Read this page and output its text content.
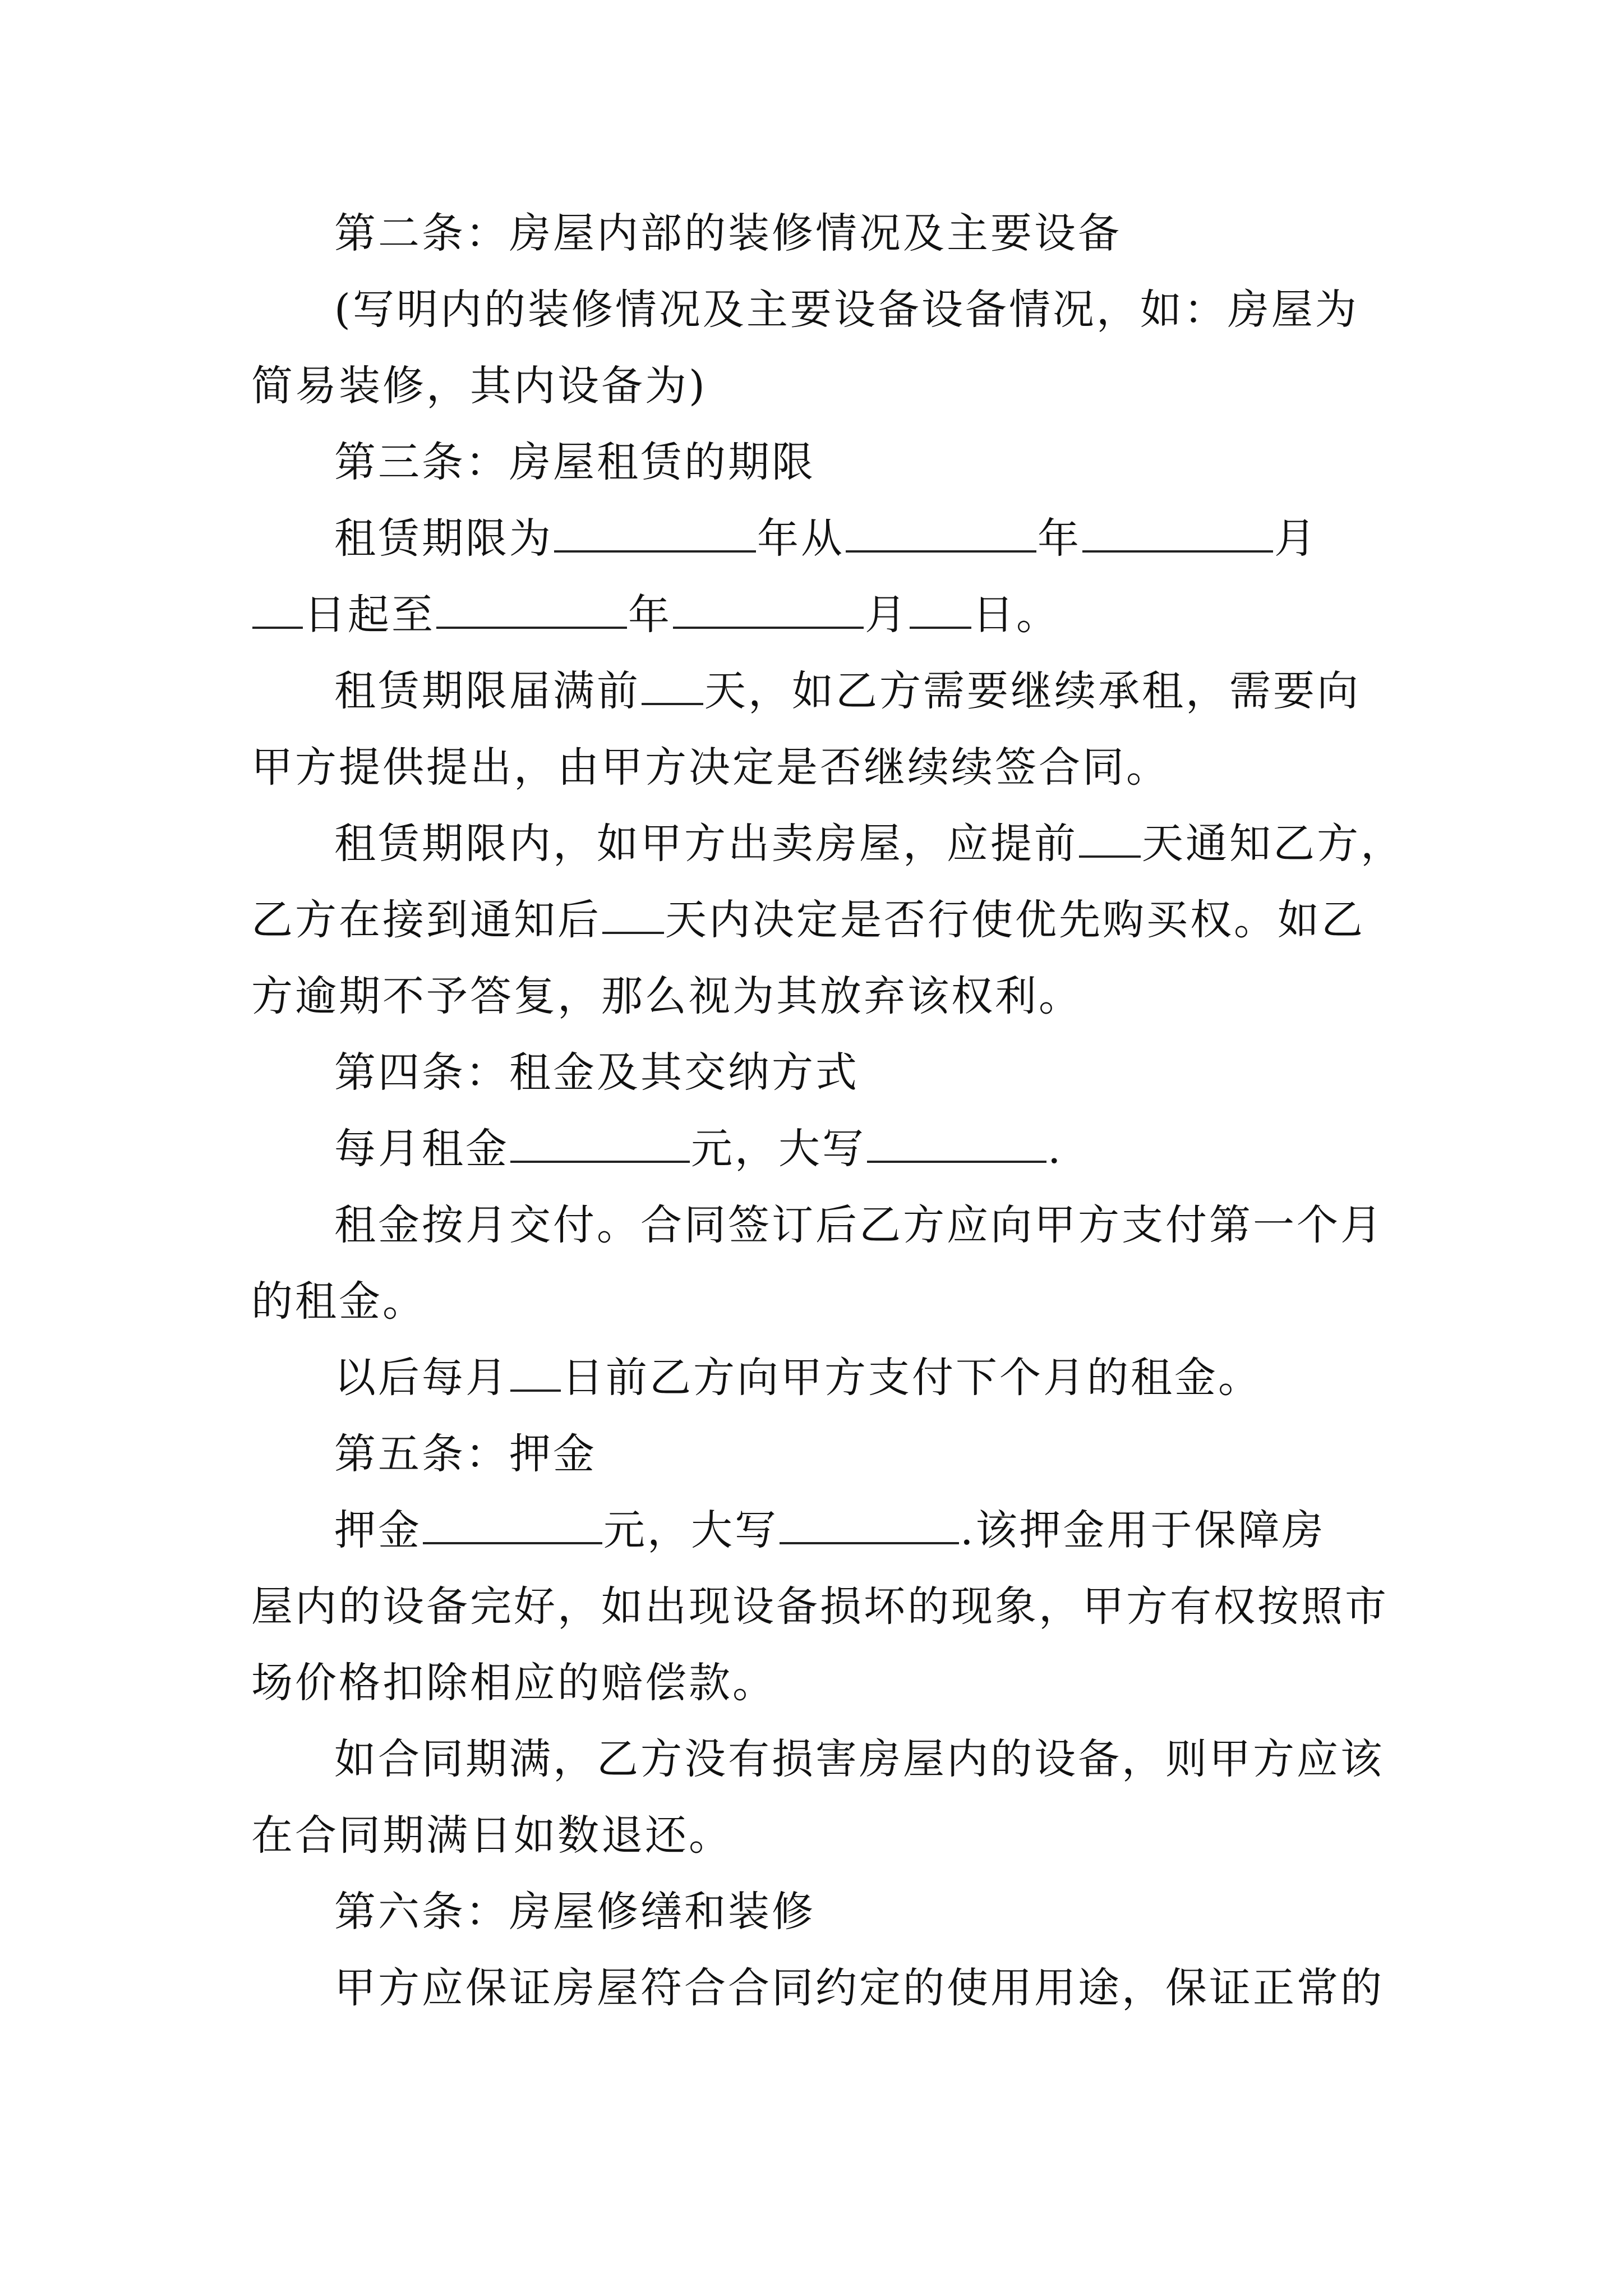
第二条：房屋内部的装修情况及主要设备
(写明内的装修情况及主要设备设备情况，如：房屋为
简易装修，其内设备为)
第三条：房屋租赁的期限
租赁期限为	年从	年	月
日起至	年	月 日。
租赁期限届满前 天，如乙方需要继续承租，需要向
甲方提供提出，由甲方决定是否继续续签合同。
租赁期限内，如甲方出卖房屋，应提前 天通知乙方，
乙方在接到通知后 天内决定是否行使优先购买权。如乙
方逾期不予答复，那么视为其放弃该权利。
第四条：租金及其交纳方式
每月租金	元，大写	.
租金按月交付。合同签订后乙方应向甲方支付第一个月
的租金。
以后每月 日前乙方向甲方支付下个月的租金。
第五条：押金
押金	元，大写	.该押金用于保障房
屋内的设备完好，如出现设备损坏的现象，甲方有权按照市
场价格扣除相应的赔偿款。
如合同期满，乙方没有损害房屋内的设备，则甲方应该
在合同期满日如数退还。
第六条：房屋修缮和装修
甲方应保证房屋符合合同约定的使用用途，保证正常的
